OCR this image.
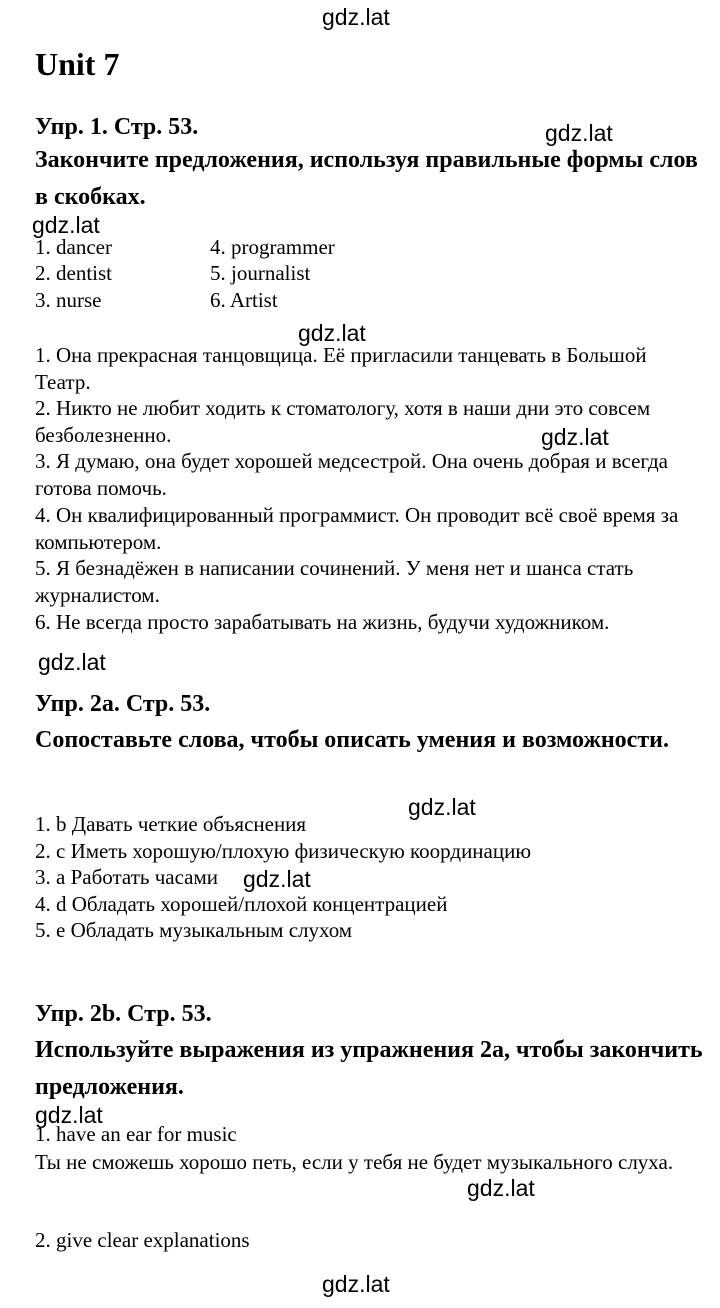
gdz.lat
gdz.lat
gdz.lat
gdz.lat
gdz.lat
gdz.lat
gdz.lat
gdz.lat
gdz.lat
gdz.lat
gdz.lat
Unit 7
Упр. 1. Стр. 53.
Закончите предложения, используя правильные формы слов в скобках.
1. dancer
2. dentist
3. nurse
4. programmer
5. journalist
6. Artist
1. Она прекрасная танцовщица. Её пригласили танцевать в Большой Театр.
2. Никто не любит ходить к стоматологу, хотя в наши дни это совсем безболезненно.
3. Я думаю, она будет хорошей медсестрой. Она очень добрая и всегда готова помочь.
4. Он квалифицированный программист. Он проводит всё своё время за компьютером.
5. Я безнадёжен в написании сочинений. У меня нет и шанса стать журналистом.
6. Не всегда просто зарабатывать на жизнь, будучи художником.
Упр. 2a. Стр. 53.
Сопоставьте слова, чтобы описать умения и возможности.
1. b Давать четкие объяснения
2. c Иметь хорошую/плохую физическую координацию
3. a Работать часами
4. d Обладать хорошей/плохой концентрацией
5. e Обладать музыкальным слухом
Упр. 2b. Стр. 53.
Используйте выражения из упражнения 2a, чтобы закончить предложения.
1. have an ear for music
Ты не сможешь хорошо петь, если у тебя не будет музыкального слуха.
2. give clear explanations
